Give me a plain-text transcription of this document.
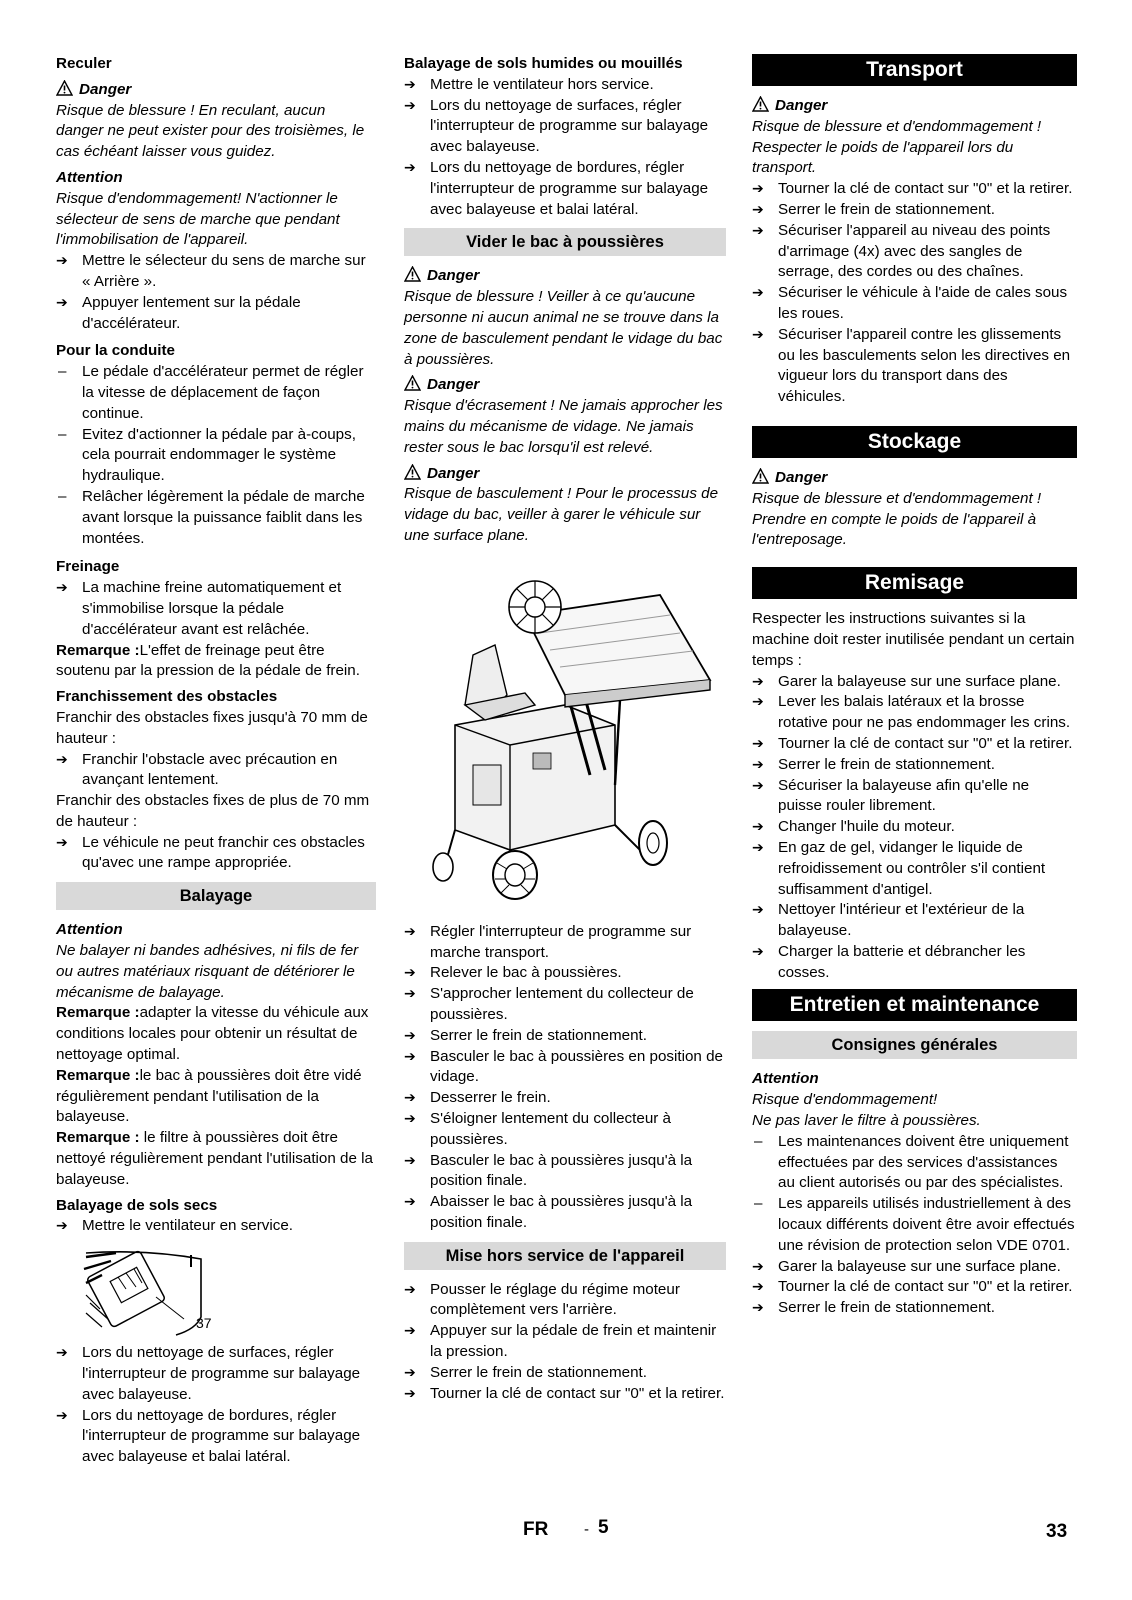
Reculer
Danger
Risque de blessure ! En reculant, aucun danger ne peut exister pour des troisièmes, le cas échéant laisser vous guidez.
Attention
Risque d'endommagement! N'actionner le sélecteur de sens de marche que pendant l'immobilisation de l'appareil.
➔ Mettre le sélecteur du sens de marche sur « Arrière ».
➔ Appuyer lentement sur la pédale d'accélérateur.
Pour la conduite
– Le pédale d'accélérateur permet de régler la vitesse de déplacement de façon continue.
– Evitez d'actionner la pédale par à-coups, cela pourrait endommager le système hydraulique.
– Relâcher légèrement la pédale de marche avant lorsque la puissance faiblit dans les montées.
Freinage
➔ La machine freine automatiquement et s'immobilise lorsque la pédale d'accélérateur avant est relâchée.
Remarque :L'effet de freinage peut être soutenu par la pression de la pédale de frein.
Franchissement des obstacles
Franchir des obstacles fixes jusqu'à 70 mm de hauteur :
➔ Franchir l'obstacle avec précaution en avançant lentement.
Franchir des obstacles fixes de plus de 70 mm de hauteur :
➔ Le véhicule ne peut franchir ces obstacles qu'avec une rampe appropriée.
Balayage
Attention
Ne balayer ni bandes adhésives, ni fils de fer ou autres matériaux risquant de détériorer le mécanisme de balayage.
Remarque :adapter la vitesse du véhicule aux conditions locales pour obtenir un résultat de nettoyage optimal.
Remarque :le bac à poussières doit être vidé régulièrement pendant l'utilisation de la balayeuse.
Remarque : le filtre à poussières doit être nettoyé régulièrement pendant l'utilisation de la balayeuse.
Balayage de sols secs
➔ Mettre le ventilateur en service.
37
➔ Lors du nettoyage de surfaces, régler l'interrupteur de programme sur balayage avec balayeuse.
➔ Lors du nettoyage de bordures, régler l'interrupteur de programme sur balayage avec balayeuse et balai latéral.
Balayage de sols humides ou mouillés
➔ Mettre le ventilateur hors service.
➔ Lors du nettoyage de surfaces, régler l'interrupteur de programme sur balayage avec balayeuse.
➔ Lors du nettoyage de bordures, régler l'interrupteur de programme sur balayage avec balayeuse et balai latéral.
Vider le bac à poussières
Danger
Risque de blessure ! Veiller à ce qu'aucune personne ni aucun animal ne se trouve dans la zone de basculement pendant le vidage du bac à poussières.
Danger
Risque d'écrasement ! Ne jamais approcher les mains du mécanisme de vidage. Ne jamais rester sous le bac lorsqu'il est relevé.
Danger
Risque de basculement ! Pour le processus de vidage du bac, veiller à garer le véhicule sur une surface plane.
➔ Régler l'interrupteur de programme sur marche transport.
➔ Relever le bac à poussières.
➔ S'approcher lentement du collecteur de poussières.
➔ Serrer le frein de stationnement.
➔ Basculer le bac à poussières en position de vidage.
➔ Desserrer le frein.
➔ S'éloigner lentement du collecteur à poussières.
➔ Basculer le bac à poussières jusqu'à la position finale.
➔ Abaisser le bac à poussières jusqu'à la position finale.
Mise hors service de l'appareil
➔ Pousser le réglage du régime moteur complètement vers l'arrière.
➔ Appuyer sur la pédale de frein et maintenir la pression.
➔ Serrer le frein de stationnement.
➔ Tourner la clé de contact sur "0" et la retirer.
Transport
Danger
Risque de blessure et d'endommagement ! Respecter le poids de l'appareil lors du transport.
➔ Tourner la clé de contact sur "0" et la retirer.
➔ Serrer le frein de stationnement.
➔ Sécuriser l'appareil au niveau des points d'arrimage (4x) avec des sangles de serrage, des cordes ou des chaînes.
➔ Sécuriser le véhicule à l'aide de cales sous les roues.
➔ Sécuriser l'appareil contre les glissements ou les basculements selon les directives en vigueur lors du transport dans des véhicules.
Stockage
Danger
Risque de blessure et d'endommagement ! Prendre en compte le poids de l'appareil à l'entreposage.
Remisage
Respecter les instructions suivantes si la machine doit rester inutilisée pendant un certain temps :
➔ Garer la balayeuse sur une surface plane.
➔ Lever les balais latéraux et la brosse rotative pour ne pas endommager les crins.
➔ Tourner la clé de contact sur "0" et la retirer.
➔ Serrer le frein de stationnement.
➔ Sécuriser la balayeuse afin qu'elle ne puisse rouler librement.
➔ Changer l'huile du moteur.
➔ En gaz de gel, vidanger le liquide de refroidissement ou contrôler s'il contient suffisamment d'antigel.
➔ Nettoyer l'intérieur et l'extérieur de la balayeuse.
➔ Charger la batterie et débrancher les cosses.
Entretien et maintenance
Consignes générales
Attention
Risque d'endommagement!
Ne pas laver le filtre à poussières.
– Les maintenances doivent être uniquement effectuées par des services d'assistances au client autorisés ou par des spécialistes.
– Les appareils utilisés industriellement à des locaux différents doivent être avoir effectués une révision de protection selon VDE 0701.
➔ Garer la balayeuse sur une surface plane.
➔ Tourner la clé de contact sur "0" et la retirer.
➔ Serrer le frein de stationnement.
FR - 5	33
